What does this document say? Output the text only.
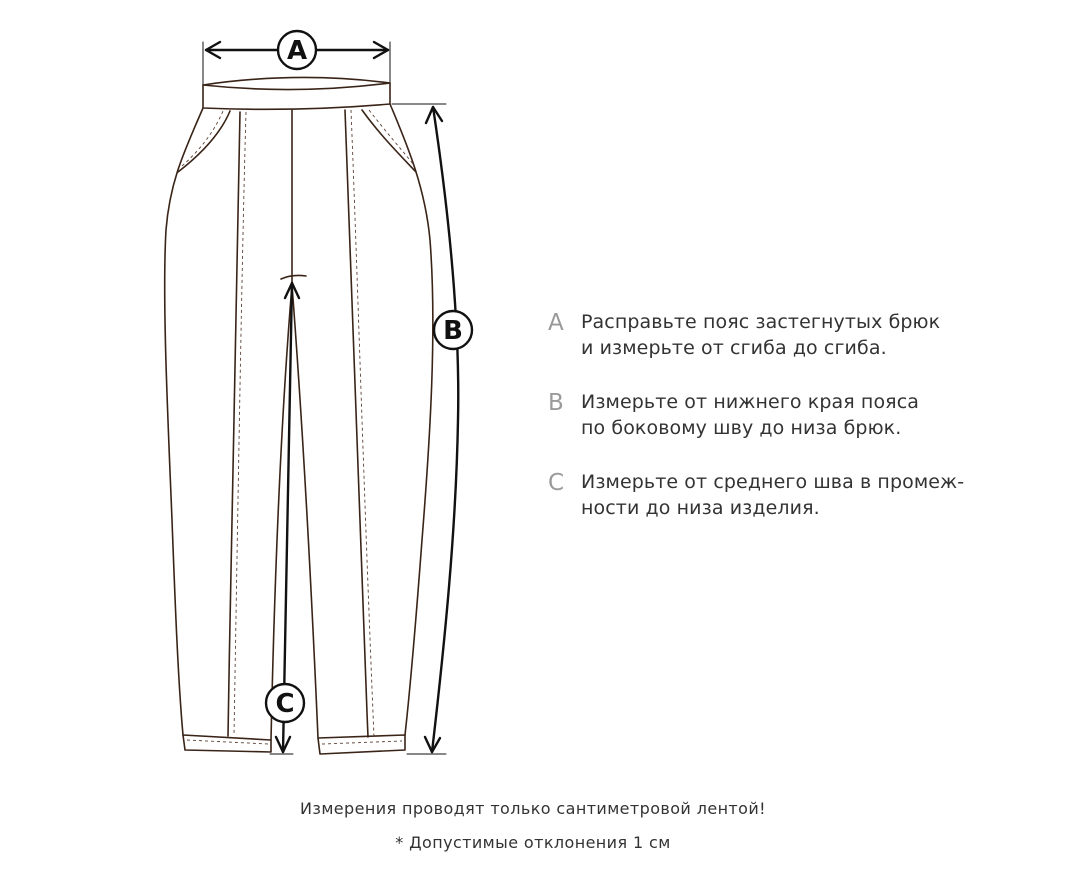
A
B
C
A Расправьте пояс застегнутых брюк
и измерьте от сгиба до сгиба.
B Измерьте от нижнего края пояса
по боковому шву до низа брюк.
C Измерьте от среднего шва в промеж-
ности до низа изделия.
Измерения проводят только сантиметровой лентой!
* Допустимые отклонения 1 см
